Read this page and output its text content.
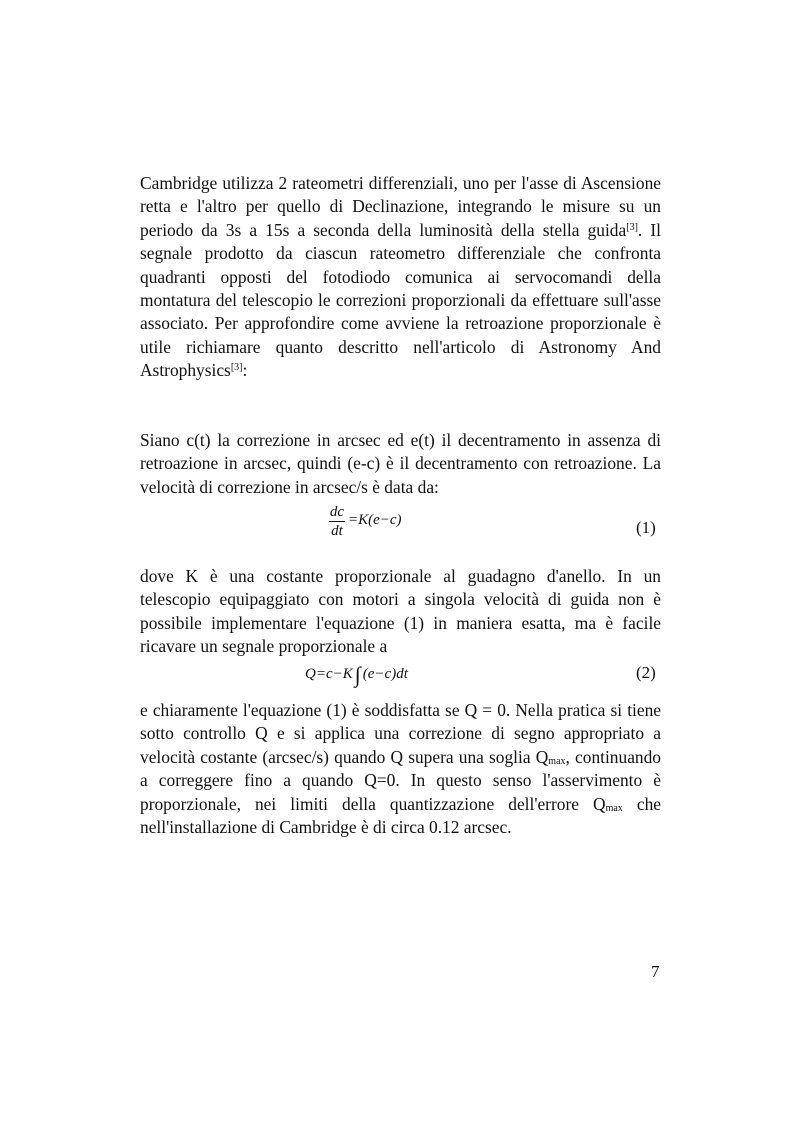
Cambridge utilizza 2 rateometri differenziali, uno per l'asse di Ascensione retta e l'altro per quello di Declinazione, integrando le misure su un periodo da 3s a 15s a seconda della luminosità della stella guida[3]. Il segnale prodotto da ciascun rateometro differenziale che confronta quadranti opposti del fotodiodo comunica ai servocomandi della montatura del telescopio le correzioni proporzionali da effettuare sull'asse associato. Per approfondire come avviene la retroazione proporzionale è utile richiamare quanto descritto nell'articolo di Astronomy And Astrophysics[3]:

Siano c(t) la correzione in arcsec ed e(t) il decentramento in assenza di retroazione in arcsec, quindi (e-c) è il decentramento con retroazione. La velocità di correzione in arcsec/s è data da:

dc
dt
=K(e−c)	(1)

dove K è una costante proporzionale al guadagno d'anello. In un telescopio equipaggiato con motori a singola velocità di guida non è possibile implementare l'equazione (1) in maniera esatta, ma è facile ricavare un segnale proporzionale a

Q=c−K∫ (e−c)dt	(2)

e chiaramente l'equazione (1) è soddisfatta se Q = 0. Nella pratica si tiene sotto controllo Q e si applica una correzione di segno appropriato a velocità costante (arcsec/s) quando Q supera una soglia $Q_{max}$, continuando a correggere fino a quando Q=0. In questo senso l'asservimento è proporzionale, nei limiti della quantizzazione dell'errore $Q_{max}$ che nell'installazione di Cambridge è di circa 0.12 arcsec.

7
